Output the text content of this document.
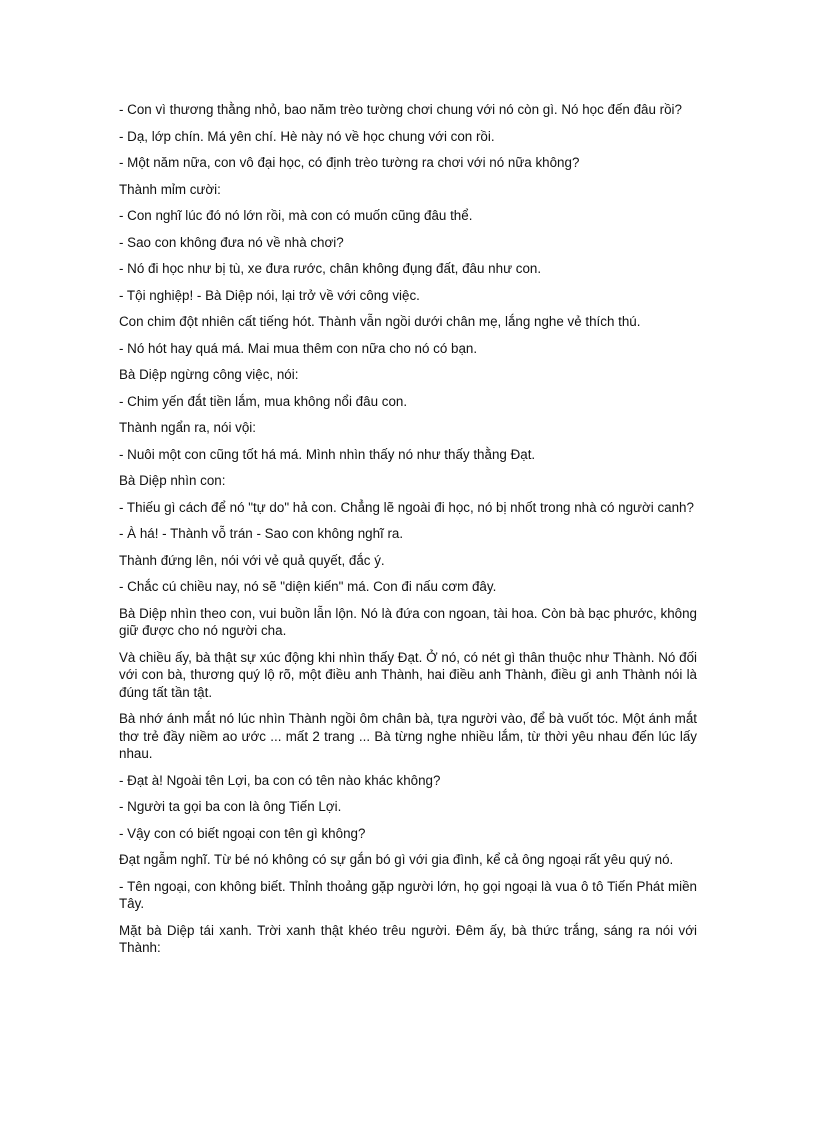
- Con vì thương thằng nhỏ, bao năm trèo tường chơi chung với nó còn gì. Nó học đến đâu rồi?

- Dạ, lớp chín. Má yên chí. Hè này nó về học chung với con rồi.

- Một năm nữa, con vô đại học, có định trèo tường ra chơi với nó nữa không?

Thành mỉm cười:

- Con nghĩ lúc đó nó lớn rồi, mà con có muốn cũng đâu thể.

- Sao con không đưa nó về nhà chơi?

- Nó đi học như bị tù, xe đưa rước, chân không đụng đất, đâu như con.

- Tội nghiệp! - Bà Diệp nói, lại trở về với công việc.

Con chim đột nhiên cất tiếng hót. Thành vẫn ngồi dưới chân mẹ, lắng nghe vẻ thích thú.

- Nó hót hay quá má. Mai mua thêm con nữa cho nó có bạn.

Bà Diệp ngừng công việc, nói:

- Chim yến đắt tiền lắm, mua không nổi đâu con.

Thành ngẩn ra, nói vội:

- Nuôi một con cũng tốt há má. Mình nhìn thấy nó như thấy thằng Đạt.

Bà Diệp nhìn con:

- Thiếu gì cách để nó "tự do" hả con. Chẳng lẽ ngoài đi học, nó bị nhốt trong nhà có người canh?

- À há! - Thành vỗ trán - Sao con không nghĩ ra.

Thành đứng lên, nói với vẻ quả quyết, đắc ý.

- Chắc cú chiều nay, nó sẽ "diện kiến" má. Con đi nấu cơm đây.

Bà Diệp nhìn theo con, vui buồn lẫn lộn. Nó là đứa con ngoan, tài hoa. Còn bà bạc phước, không giữ được cho nó người cha.

Và chiều ấy, bà thật sự xúc động khi nhìn thấy Đạt. Ở nó, có nét gì thân thuộc như Thành. Nó đối với con bà, thương quý lộ rõ, một điều anh Thành, hai điều anh Thành, điều gì anh Thành nói là đúng tất tần tật.

Bà nhớ ánh mắt nó lúc nhìn Thành ngồi ôm chân bà, tựa người vào, để bà vuốt tóc. Một ánh mắt thơ trẻ đầy niềm ao ước ... mất 2 trang ... Bà từng nghe nhiều lắm, từ thời yêu nhau đến lúc lấy nhau.

- Đạt à! Ngoài tên Lợi, ba con có tên nào khác không?

- Người ta gọi ba con là ông Tiến Lợi.

- Vậy con có biết ngoại con tên gì không?

Đạt ngẫm nghĩ. Từ bé nó không có sự gắn bó gì với gia đình, kể cả ông ngoại rất yêu quý nó.

- Tên ngoại, con không biết. Thỉnh thoảng gặp người lớn, họ gọi ngoại là vua ô tô Tiến Phát miền Tây.

Mặt bà Diệp tái xanh. Trời xanh thật khéo trêu người. Đêm ấy, bà thức trắng, sáng ra nói với Thành:
